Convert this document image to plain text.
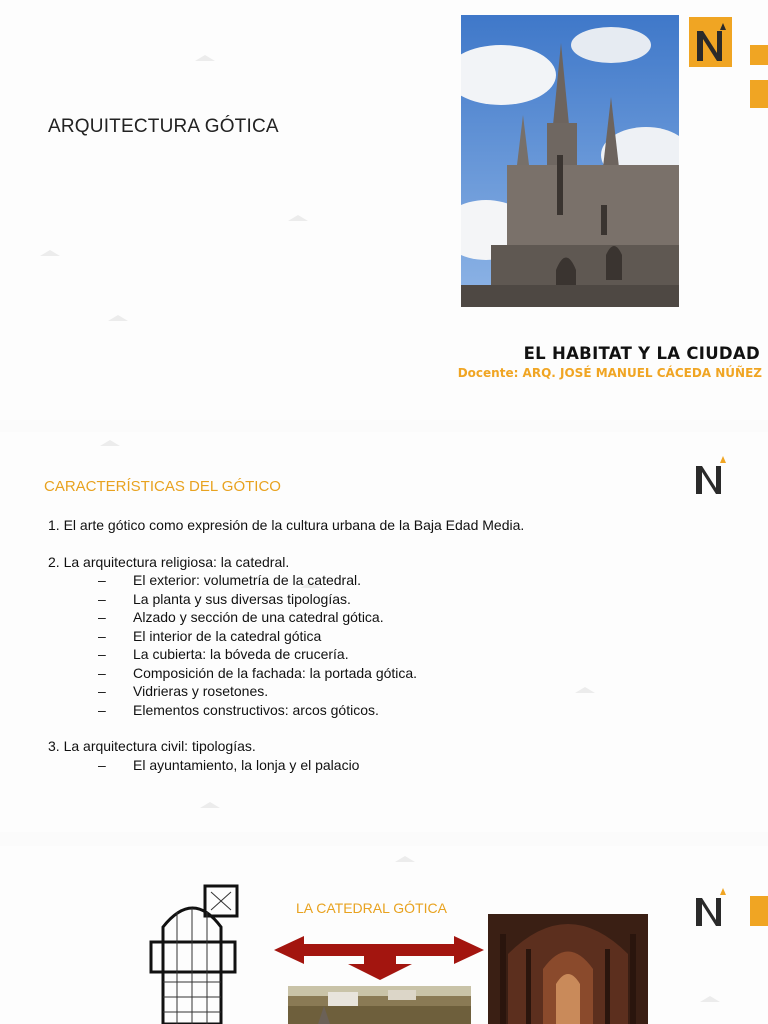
ARQUITECTURA GÓTICA
EL HABITAT Y LA CIUDAD
Docente: ARQ. JOSÉ MANUEL CÁCEDA NÚÑEZ
CARACTERÍSTICAS DEL GÓTICO
1. El arte gótico como expresión de la cultura urbana de la Baja Edad Media.
2. La arquitectura religiosa: la catedral.
– El exterior: volumetría de la catedral.
– La planta y sus diversas tipologías.
– Alzado y sección de una catedral gótica.
– El interior de la catedral gótica
– La cubierta: la bóveda de crucería.
– Composición de la fachada: la portada gótica.
– Vidrieras y rosetones.
– Elementos constructivos: arcos góticos.
3. La arquitectura civil: tipologías.
– El ayuntamiento, la lonja y el palacio
LA CATEDRAL GÓTICA
